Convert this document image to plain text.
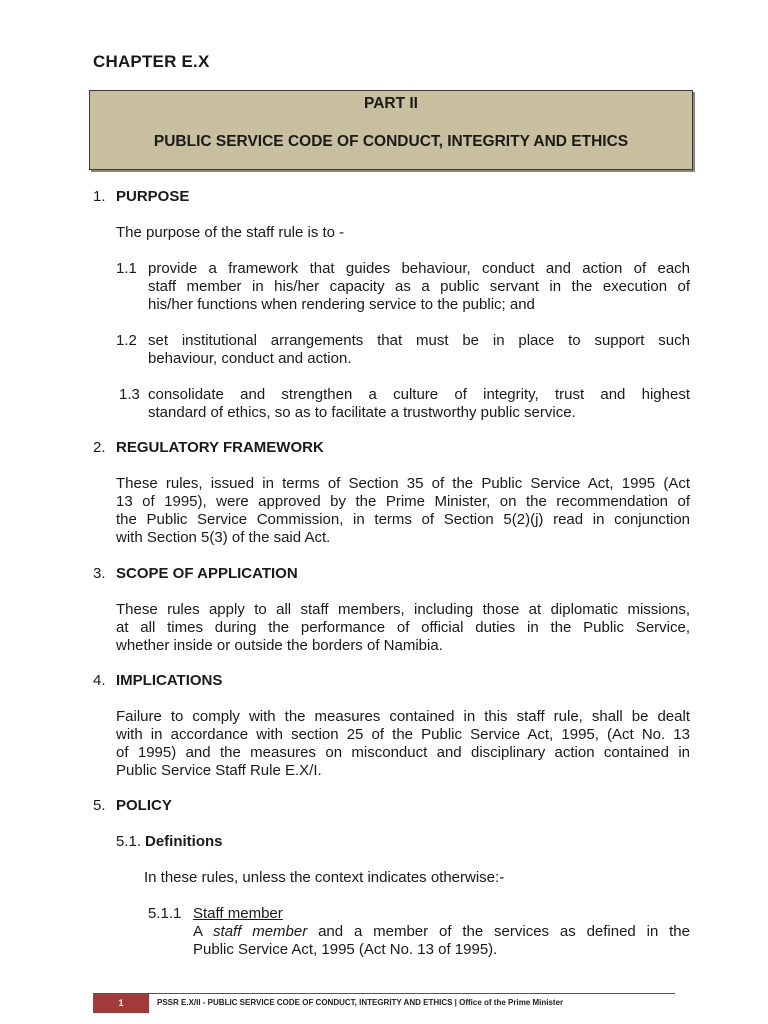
CHAPTER E.X
PART II
PUBLIC SERVICE CODE OF CONDUCT, INTEGRITY AND ETHICS
1. PURPOSE
The purpose of the staff rule is to -
1.1 provide a framework that guides behaviour, conduct and action of each
staff member in his/her capacity as a public servant in the execution of
his/her functions when rendering service to the public; and
1.2 set institutional arrangements that must be in place to support such
behaviour, conduct and action.
1.3 consolidate and strengthen a culture of integrity, trust and highest
standard of ethics, so as to facilitate a trustworthy public service.
2. REGULATORY FRAMEWORK
These rules, issued in terms of Section 35 of the Public Service Act, 1995 (Act
13 of 1995), were approved by the Prime Minister, on the recommendation of
the Public Service Commission, in terms of Section 5(2)(j) read in conjunction
with Section 5(3) of the said Act.
3. SCOPE OF APPLICATION
These rules apply to all staff members, including those at diplomatic missions,
at all times during the performance of official duties in the Public Service,
whether inside or outside the borders of Namibia.
4. IMPLICATIONS
Failure to comply with the measures contained in this staff rule, shall be dealt
with in accordance with section 25 of the Public Service Act, 1995, (Act No. 13
of 1995) and the measures on misconduct and disciplinary action contained in
Public Service Staff Rule E.X/I.
5. POLICY
5.1. Definitions
In these rules, unless the context indicates otherwise:-
5.1.1 Staff member
A staff member and a member of the services as defined in the
Public Service Act, 1995 (Act No. 13 of 1995).
1	PSSR E.X/II - PUBLIC SERVICE CODE OF CONDUCT, INTEGRITY AND ETHICS | Office of the Prime Minister
